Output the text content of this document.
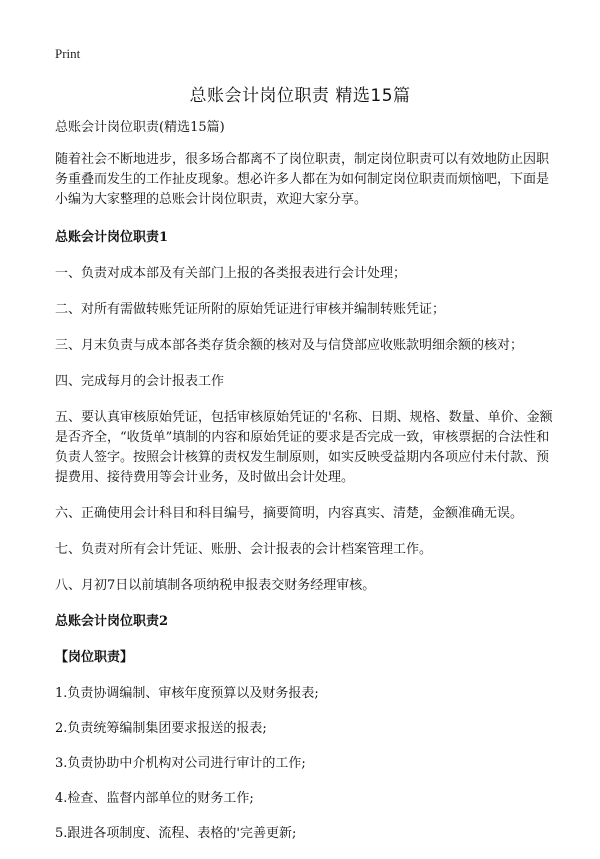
Print
总账会计岗位职责 精选15篇

总账会计岗位职责(精选15篇)

随着社会不断地进步，很多场合都离不了岗位职责，制定岗位职责可以有效地防止因职务重叠而发生的工作扯皮现象。想必许多人都在为如何制定岗位职责而烦恼吧，下面是小编为大家整理的总账会计岗位职责，欢迎大家分享。

总账会计岗位职责1

一、负责对成本部及有关部门上报的各类报表进行会计处理；

二、对所有需做转账凭证所附的原始凭证进行审核并编制转账凭证；

三、月末负责与成本部各类存货余额的核对及与信贷部应收账款明细余额的核对；

四、完成每月的会计报表工作

五、要认真审核原始凭证，包括审核原始凭证的'名称、日期、规格、数量、单价、金额是否齐全，“收货单”填制的内容和原始凭证的要求是否完成一致，审核票据的合法性和负责人签字。按照会计核算的责权发生制原则，如实反映受益期内各项应付未付款、预提费用、接待费用等会计业务，及时做出会计处理。

六、正确使用会计科目和科目编号，摘要简明，内容真实、清楚，金额准确无误。

七、负责对所有会计凭证、账册、会计报表的会计档案管理工作。

八、月初7日以前填制各项纳税申报表交财务经理审核。

总账会计岗位职责2
【岗位职责】

1.负责协调编制、审核年度预算以及财务报表;

2.负责统筹编制集团要求报送的报表;

3.负责协助中介机构对公司进行审计的工作;

4.检查、监督内部单位的财务工作;

5.跟进各项制度、流程、表格的'完善更新;
